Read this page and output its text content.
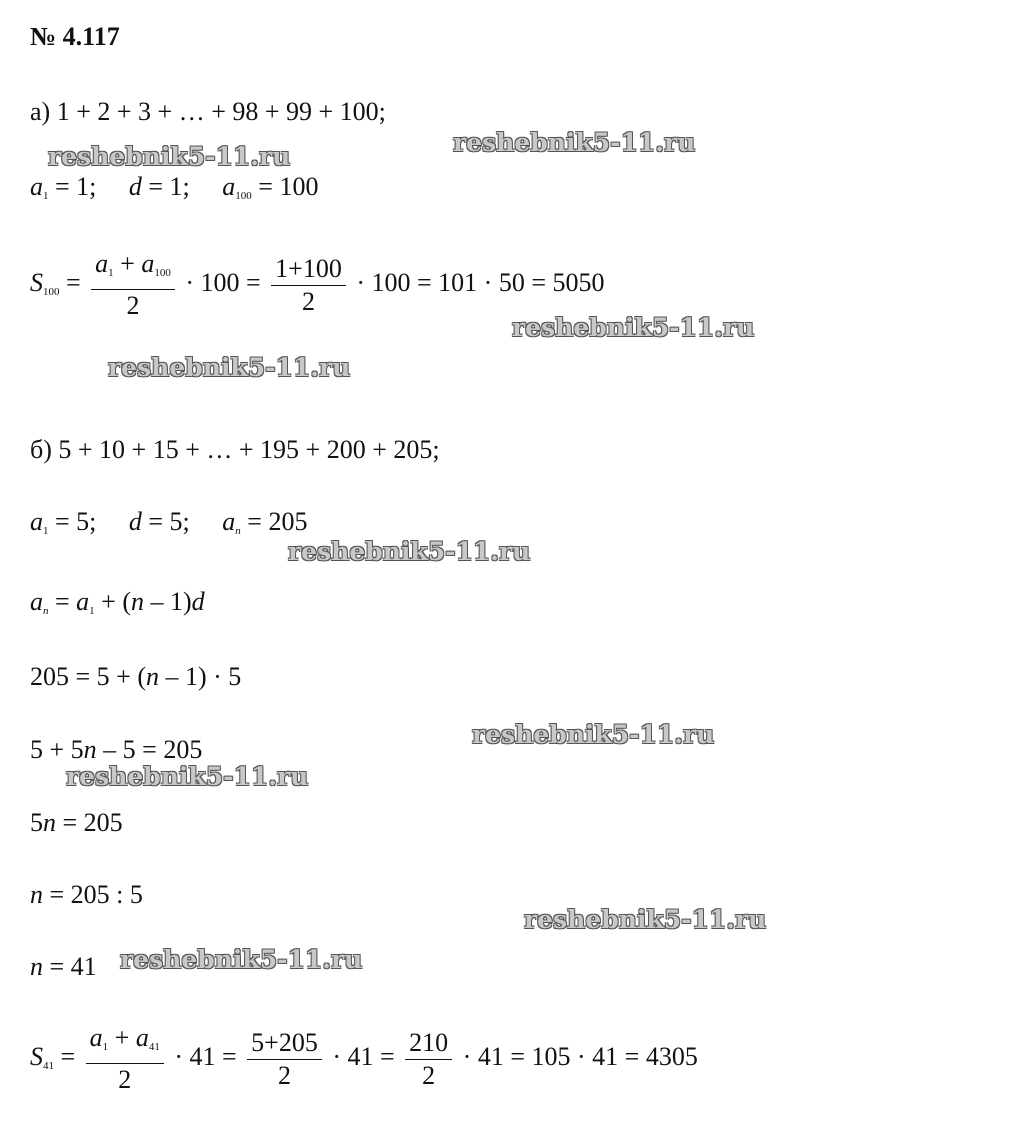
№ 4.117
а) 1 + 2 + 3 + … + 98 + 99 + 100;
$a_1 = 1$; d = 1; $a_{100} = 100$
$S_{100} = \frac{a_1 + a_{100}}{2} \cdot 100 = \frac{1+100}{2} \cdot 100 = 101 \cdot 50 = 5050$
б) 5 + 10 + 15 + … + 195 + 200 + 205;
$a_1 = 5$; d = 5; $a_n = 205$
$a_n = a_1 + (n - 1)d$
205 = 5 + (n – 1) · 5
5 + 5n – 5 = 205
5n = 205
n = 205 : 5
n = 41
$S_{41} = \frac{a_1 + a_{41}}{2} \cdot 41 = \frac{5+205}{2} \cdot 41 = \frac{210}{2} \cdot 41 = 105 \cdot 41 = 4305$
reshebnik5-11.ru	reshebnik5-11.ru
reshebnik5-11.ru
reshebnik5-11.ru
reshebnik5-11.ru
reshebnik5-11.ru
reshebnik5-11.ru
reshebnik5-11.ru
reshebnik5-11.ru
